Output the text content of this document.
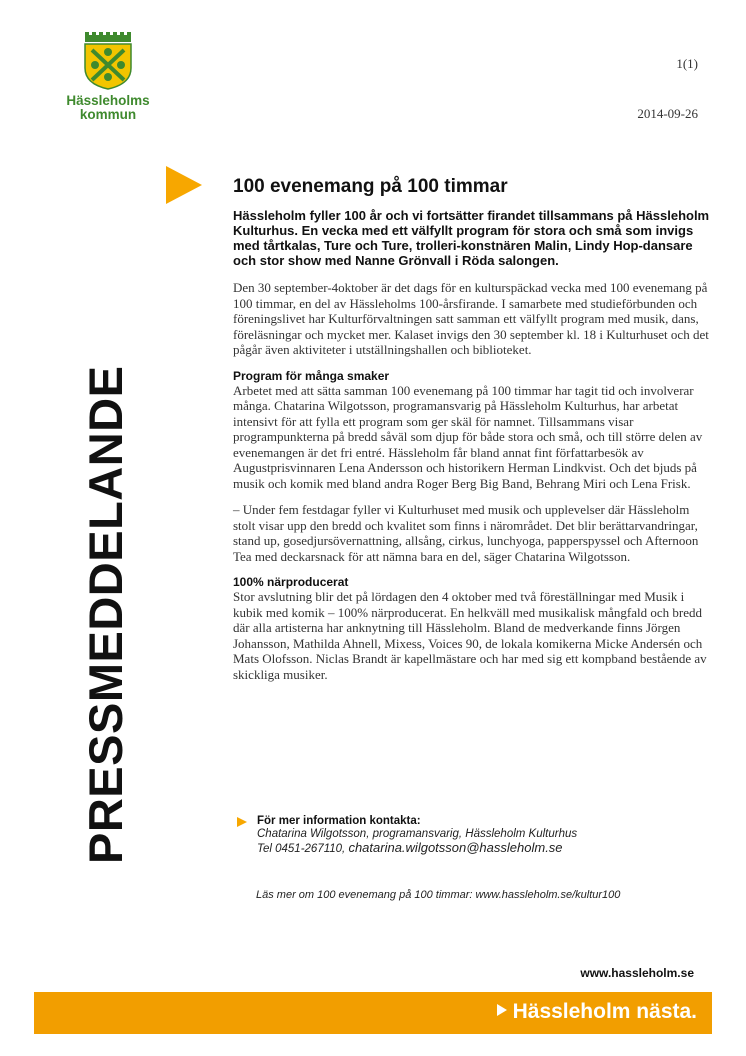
Hässleholms
kommun
1(1)
2014-09-26
PRESSMEDDELANDE
100 evenemang på 100 timmar

Hässleholm fyller 100 år och vi fortsätter firandet tillsammans på Hässleholm Kulturhus. En vecka med ett välfyllt program för stora och små som invigs med tårtkalas, Ture och Ture, trolleri-konstnären Malin, Lindy Hop-dansare och stor show med Nanne Grönvall i Röda salongen.

Den 30 september-4oktober är det dags för en kulturspäckad vecka med 100 evenemang på 100 timmar, en del av Hässleholms 100-årsfirande. I samarbete med studieförbunden och föreningslivet har Kulturförvaltningen satt samman ett välfyllt program med musik, dans, föreläsningar och mycket mer. Kalaset invigs den 30 september kl. 18 i Kulturhuset och det pågår även aktiviteter i utställningshallen och biblioteket.

Program för många smaker

Arbetet med att sätta samman 100 evenemang på 100 timmar har tagit tid och involverar många. Chatarina Wilgotsson, programansvarig på Hässleholm Kulturhus, har arbetat intensivt för att fylla ett program som ger skäl för namnet. Tillsammans visar programpunkterna på bredd såväl som djup för både stora och små, och till större delen av evenemangen är det fri entré. Hässleholm får bland annat fint författarbesök av Augustprisvinnaren Lena Andersson och historikern Herman Lindkvist. Och det bjuds på musik och komik med bland andra Roger Berg Big Band, Behrang Miri och Lena Frisk.

– Under fem festdagar fyller vi Kulturhuset med musik och upplevelser där Hässleholm stolt visar upp den bredd och kvalitet som finns i närområdet. Det blir berättarvandringar, stand up, gosedjursövernattning, allsång, cirkus, lunchyoga, papperspyssel och Afternoon Tea med deckarsnack för att nämna bara en del, säger Chatarina Wilgotsson.

100% närproducerat

Stor avslutning blir det på lördagen den 4 oktober med två föreställningar med Musik i kubik med komik – 100% närproducerat. En helkväll med musikalisk mångfald och bredd där alla artisterna har anknytning till Hässleholm. Bland de medverkande finns Jörgen Johansson, Mathilda Ahnell, Mixess, Voices 90, de lokala komikerna Micke Andersén och Mats Olofsson. Niclas Brandt är kapellmästare och har med sig ett kompband bestående av skickliga musiker.

För mer information kontakta:
Chatarina Wilgotsson, programansvarig, Hässleholm Kulturhus
Tel 0451-267110, chatarina.wilgotsson@hassleholm.se
Läs mer om 100 evenemang på 100 timmar: www.hassleholm.se/kultur100
www.hassleholm.se
Hässleholm nästa.
